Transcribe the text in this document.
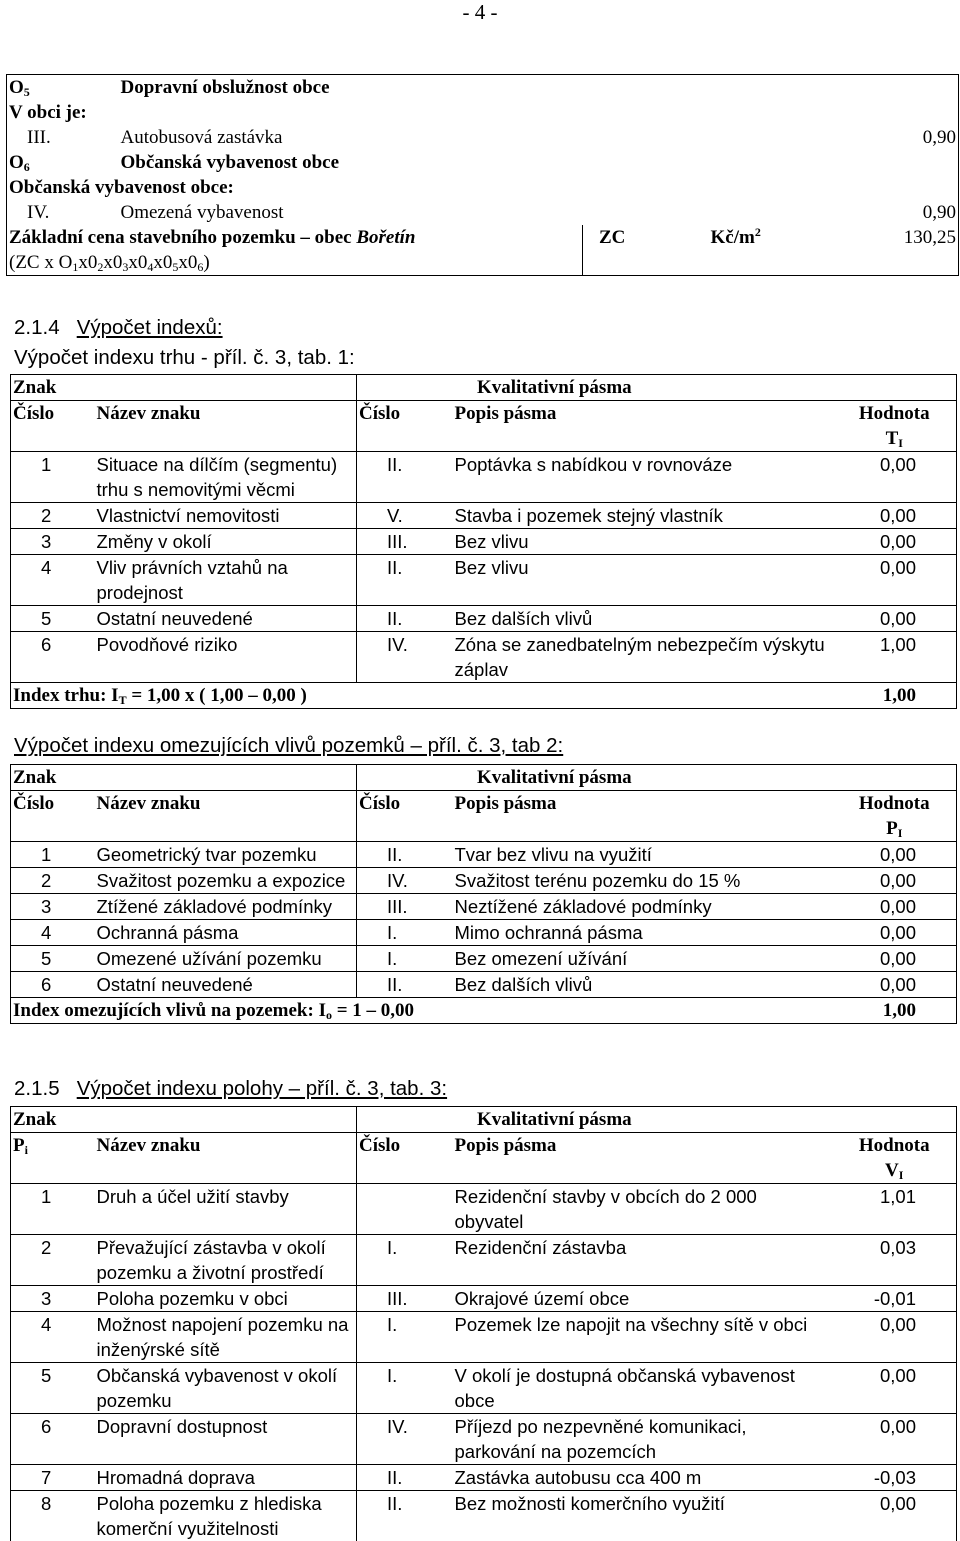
- 4 -
$O_5$	Dopravní obslužnost obce			
V obci je:				
III.	Autobusová zastávka			0,90
$O_6$	Občanská vybavenost obce			
Občanská vybavenost obce:				
IV.	Omezená vybavenost			0,90
Základní cena stavebního pozemku – obec Bořetín		ZC	$Kč/m^2$	130,25
(ZC x $O_1x0_2x0_3x0_4x0_5x0_6$)				
2.1.4 Výpočet indexů:
Výpočet indexu trhu - příl. č. 3, tab. 1:
Znak		Kvalitativní pásma		
Číslo	Název znaku	Číslo	Popis pásma	Hodnota
$T_I$
1	Situace na dílčím (segmentu) trhu s nemovitými věcmi	II.	Poptávka s nabídkou v rovnováze	0,00
2	Vlastnictví nemovitosti	V.	Stavba i pozemek stejný vlastník	0,00
3	Změny v okolí	III.	Bez vlivu	0,00
4	Vliv právních vztahů na prodejnost	II.	Bez vlivu	0,00
5	Ostatní neuvedené	II.	Bez dalších vlivů	0,00
6	Povodňové riziko	IV.	Zóna se zanedbatelným nebezpečím výskytu záplav	1,00
Index trhu: $I_T = 1,00$ x ( 1,00 – 0,00 )				1,00
Výpočet indexu omezujících vlivů pozemků – příl. č. 3, tab 2:
Znak		Kvalitativní pásma		
Číslo	Název znaku	Číslo	Popis pásma	Hodnota
$P_I$
1	Geometrický tvar pozemku	II.	Tvar bez vlivu na využití	0,00
2	Svažitost pozemku a expozice	IV.	Svažitost terénu pozemku do 15 %	0,00
3	Ztížené základové podmínky	III.	Neztížené základové podmínky	0,00
4	Ochranná pásma	I.	Mimo ochranná pásma	0,00
5	Omezené užívání pozemku	I.	Bez omezení užívání	0,00
6	Ostatní neuvedené	II.	Bez dalších vlivů	0,00
Index omezujících vlivů na pozemek: $I_o = 1 - 0,00$				1,00
2.1.5 Výpočet indexu polohy – příl. č. 3, tab. 3:
Znak		Kvalitativní pásma		
$P_i$	Název znaku	Číslo	Popis pásma	Hodnota
$V_I$
1	Druh a účel užití stavby		Rezidenční stavby v obcích do 2 000 obyvatel	1,01
2	Převažující zástavba v okolí pozemku a životní prostředí	I.	Rezidenční zástavba	0,03
3	Poloha pozemku v obci	III.	Okrajové území obce	-0,01
4	Možnost napojení pozemku na inženýrské sítě	I.	Pozemek lze napojit na všechny sítě v obci	0,00
5	Občanská vybavenost v okolí pozemku	I.	V okolí je dostupná občanská vybavenost obce	0,00
6	Dopravní dostupnost	IV.	Příjezd po nezpevněné komunikaci, parkování na pozemcích	0,00
7	Hromadná doprava	II.	Zastávka autobusu cca 400 m	-0,03
8	Poloha pozemku z hlediska komerční využitelnosti	II.	Bez možnosti komerčního využití	0,00
